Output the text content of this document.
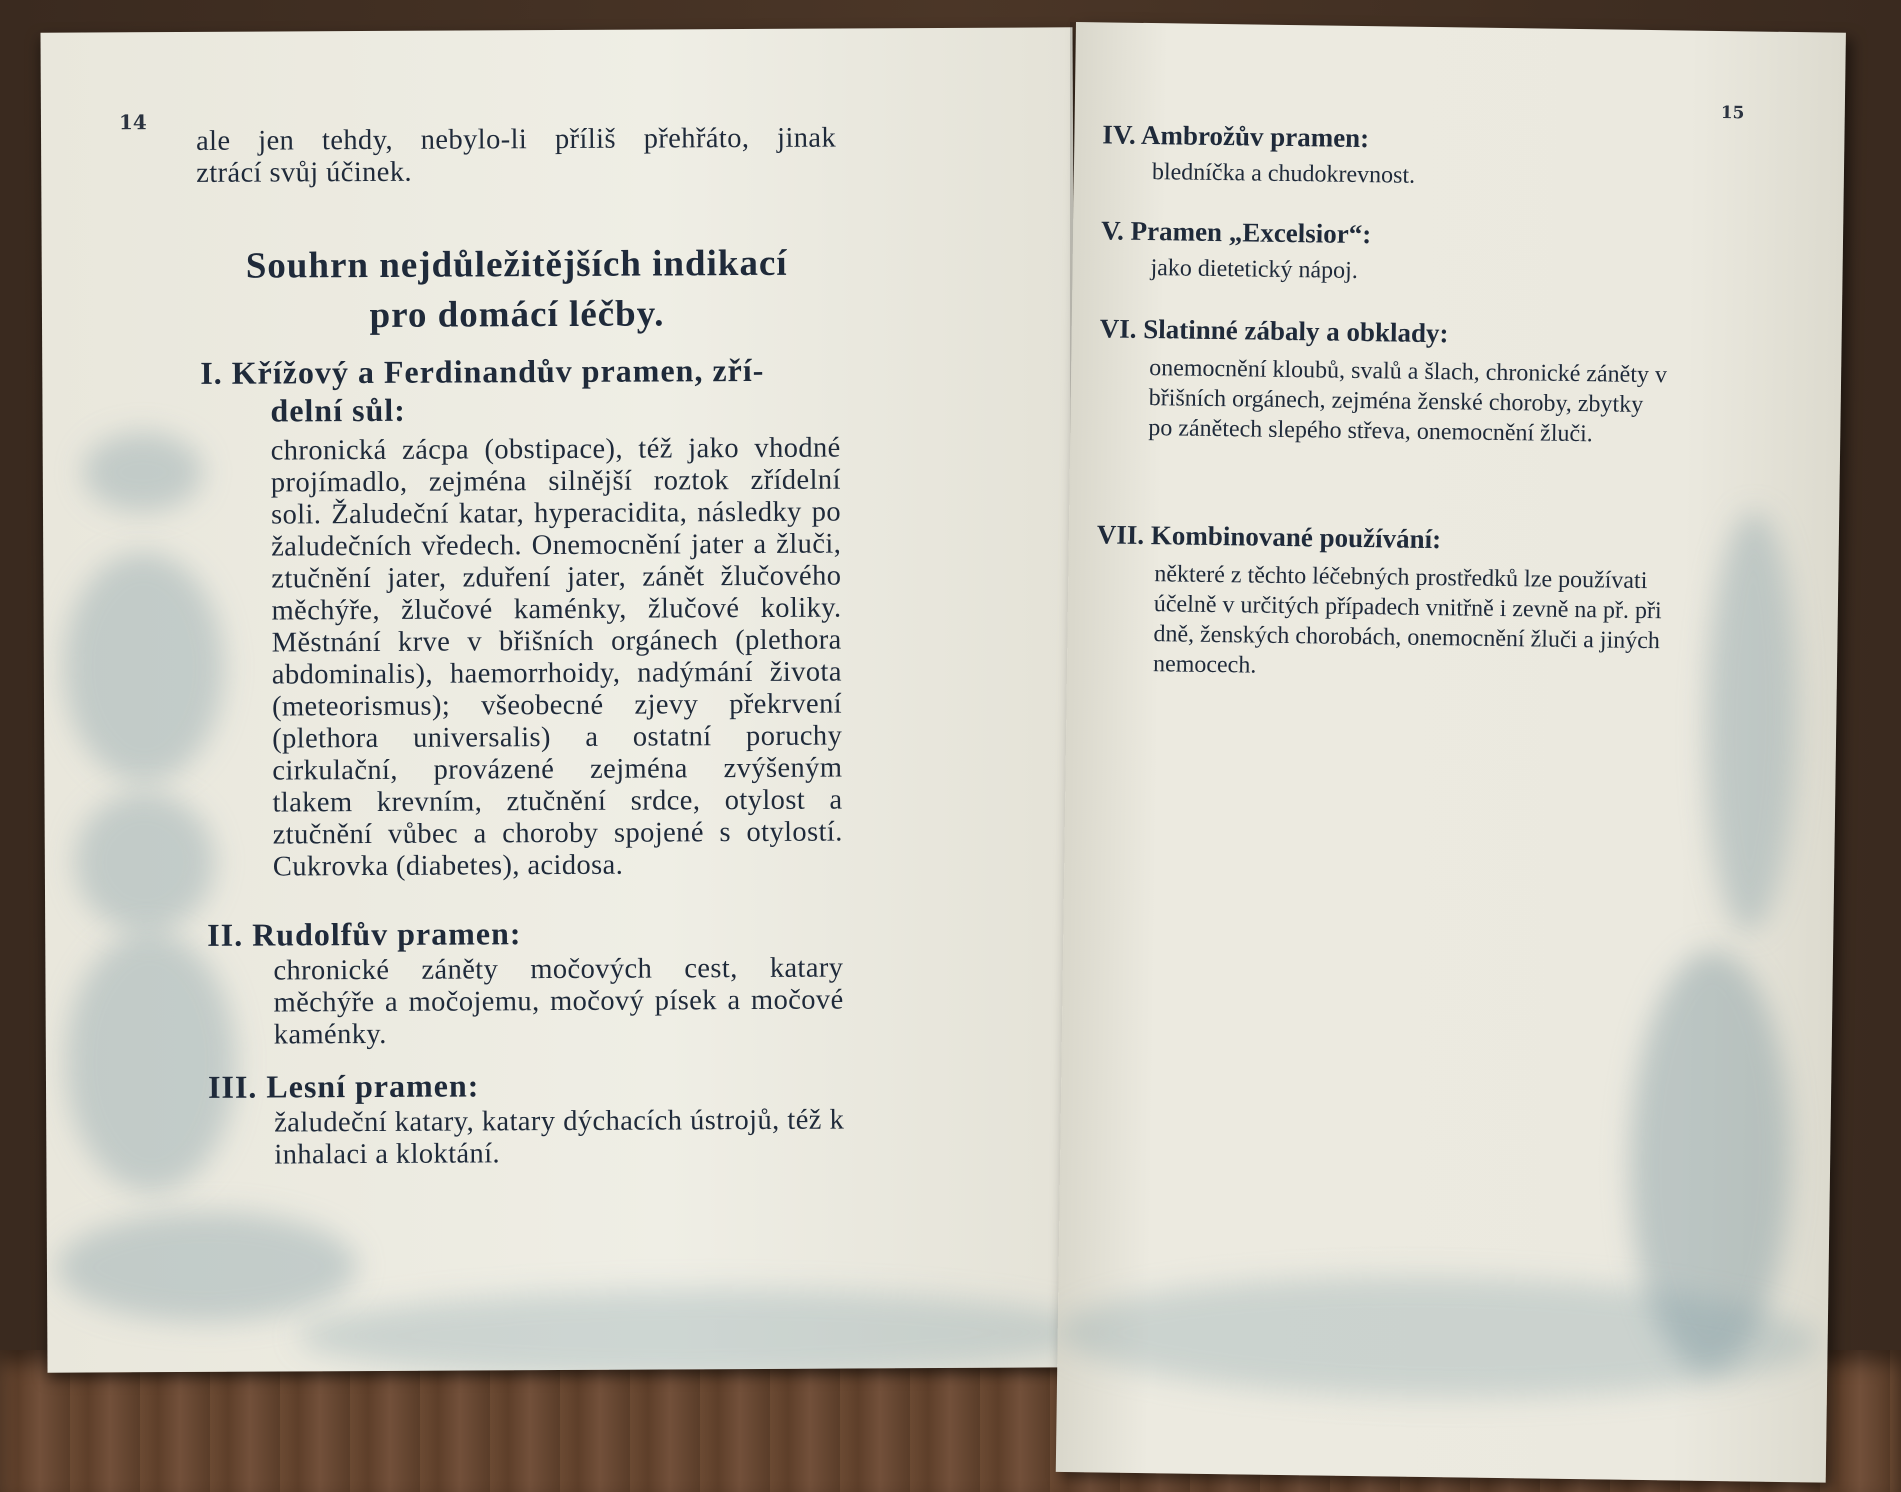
14
ale jen tehdy, nebylo-li příliš přehřáto, jinak
ztrácí svůj účinek.
Souhrn nejdůležitějších indikací
pro domácí léčby.
I. Křížový a Ferdinandův pramen, zří-
delní sůl:
chronická zácpa (obstipace), též jako vhodné projímadlo, zejména silnější roztok zřídelní soli. Žaludeční katar, hyperacidita, následky po žaludečních vředech. Onemocnění jater a žluči, ztučnění jater, zduření jater, zánět žlučového měchýře, žlučové kaménky, žlučové koliky. Městnání krve v břišních orgánech (plethora abdominalis), haemorrhoidy, nadýmání života (meteorismus); všeobecné zjevy překrvení (plethora universalis) a ostatní poruchy cirkulační, provázené zejména zvýšeným tlakem krevním, ztučnění srdce, otylost a ztučnění vůbec a choroby spojené s otylostí. Cukrovka (diabetes), acidosa.
II. Rudolfův pramen:
chronické záněty močových cest, katary měchýře a močojemu, močový písek a močové kaménky.
III. Lesní pramen:
žaludeční katary, katary dýchacích ústrojů, též k inhalaci a kloktání.
15
IV. Ambrožův pramen:
bledníčka a chudokrevnost.
V. Pramen „Excelsior“:
jako dietetický nápoj.
VI. Slatinné zábaly a obklady:
onemocnění kloubů, svalů a šlach, chronické záněty v břišních orgánech, zejména ženské choroby, zbytky po zánětech slepého střeva, onemocnění žluči.
VII. Kombinované používání:
některé z těchto léčebných prostředků lze používati účelně v určitých případech vnitřně i zevně na př. při dně, ženských chorobách, onemocnění žluči a jiných nemocech.
